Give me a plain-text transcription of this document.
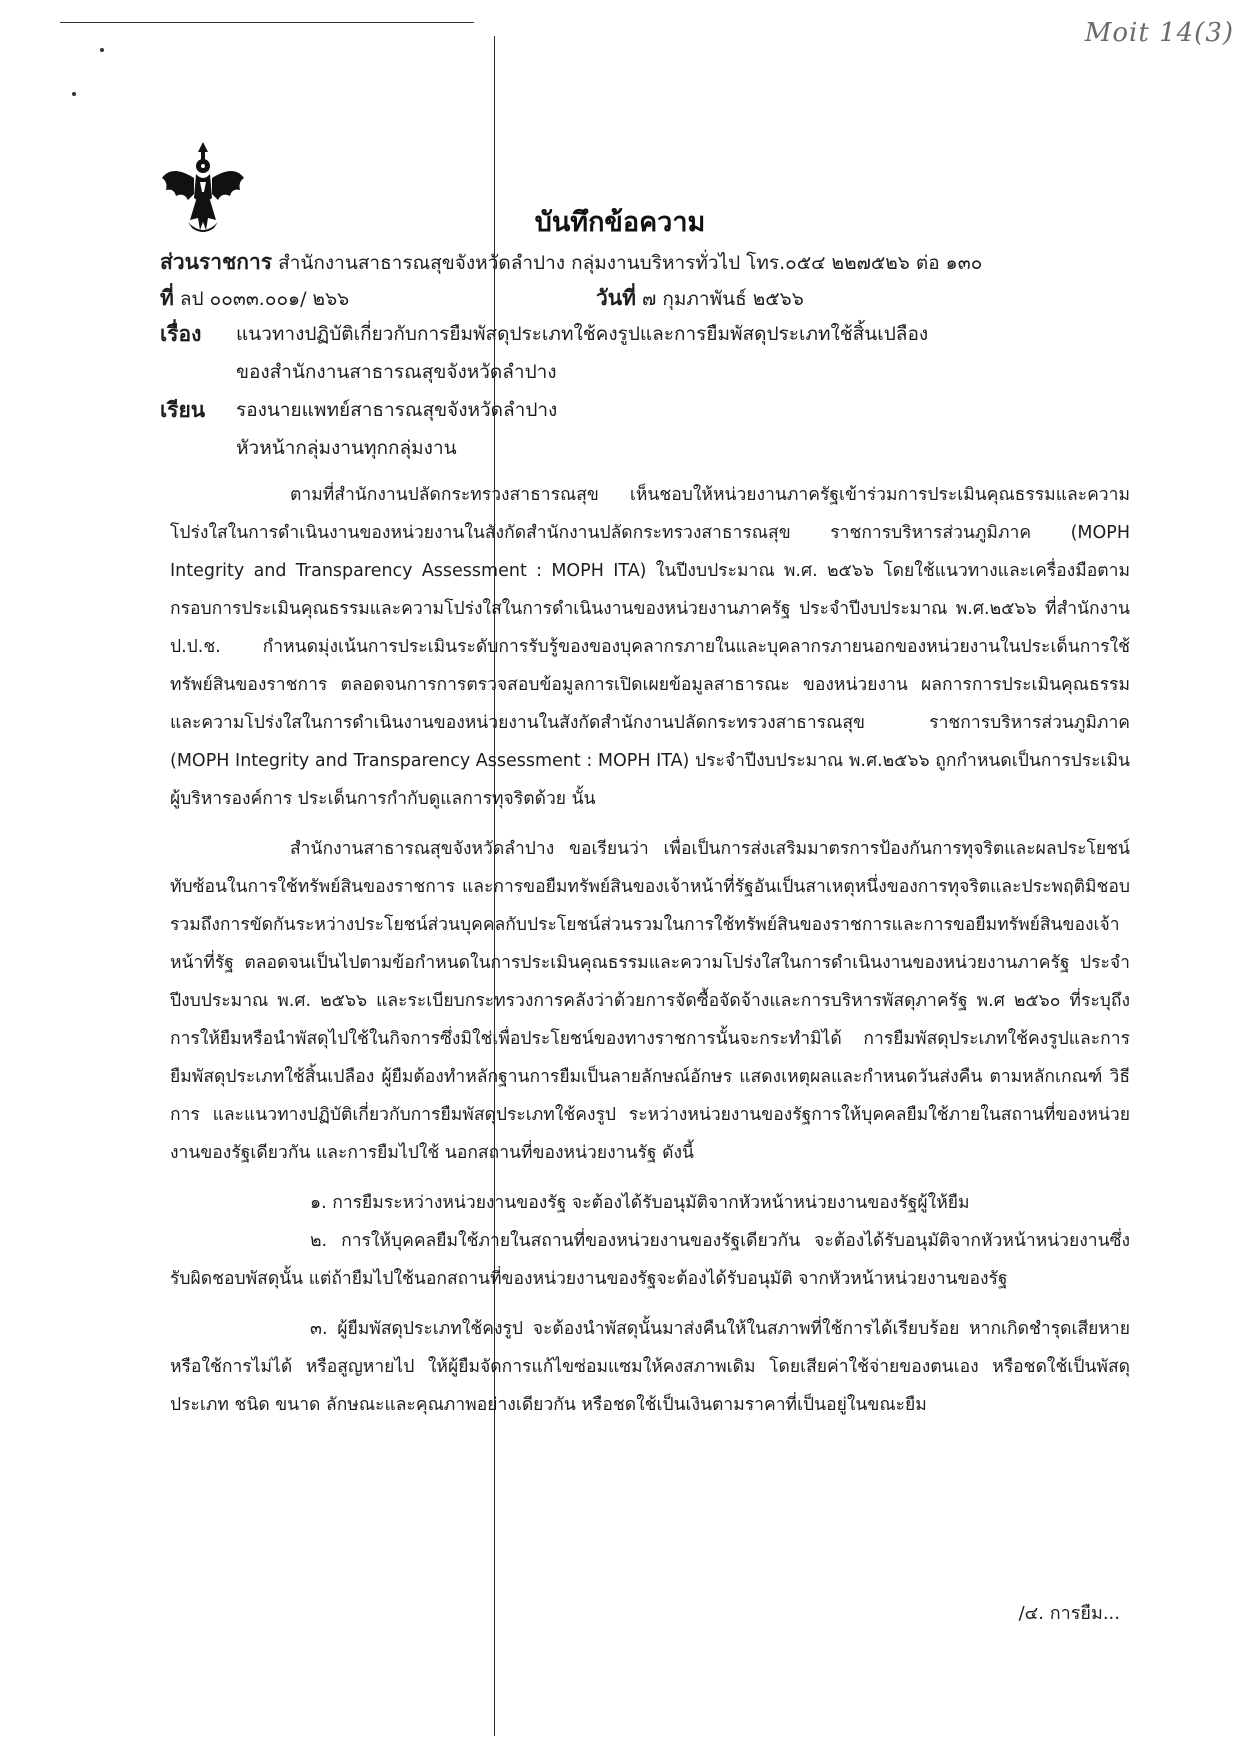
Moit 14(3)
บันทึกข้อความ
ส่วนราชการ สำนักงานสาธารณสุขจังหวัดลำปาง กลุ่มงานบริหารทั่วไป โทร.๐๕๔ ๒๒๗๕๒๖ ต่อ ๑๓๐
ที่ ลป ๐๐๓๓.๐๐๑/ ๒๖๖	วันที่ ๗ กุมภาพันธ์ ๒๕๖๖
เรื่อง แนวทางปฏิบัติเกี่ยวกับการยืมพัสดุประเภทใช้คงรูปและการยืมพัสดุประเภทใช้สิ้นเปลือง
ของสำนักงานสาธารณสุขจังหวัดลำปาง
เรียน รองนายแพทย์สาธารณสุขจังหวัดลำปาง
หัวหน้ากลุ่มงานทุกกลุ่มงาน

ตามที่สำนักงานปลัดกระทรวงสาธารณสุข เห็นชอบให้หน่วยงานภาครัฐเข้าร่วมการประเมินคุณธรรมและความโปร่งใสในการดำเนินงานของหน่วยงานในสังกัดสำนักงานปลัดกระทรวงสาธารณสุข ราชการบริหารส่วนภูมิภาค (MOPH Integrity and Transparency Assessment : MOPH ITA) ในปีงบประมาณ พ.ศ. ๒๕๖๖ โดยใช้แนวทางและเครื่องมือตามกรอบการประเมินคุณธรรมและความโปร่งใสในการดำเนินงานของหน่วยงานภาครัฐ ประจำปีงบประมาณ พ.ศ.๒๕๖๖ ที่สำนักงานป.ป.ช. กำหนดมุ่งเน้นการประเมินระดับการรับรู้ของของบุคลากรภายในและบุคลากรภายนอกของหน่วยงานในประเด็นการใช้ทรัพย์สินของราชการ ตลอดจนการการตรวจสอบข้อมูลการเปิดเผยข้อมูลสาธารณะ ของหน่วยงาน ผลการการประเมินคุณธรรมและความโปร่งใสในการดำเนินงานของหน่วยงานในสังกัดสำนักงานปลัดกระทรวงสาธารณสุข ราชการบริหารส่วนภูมิภาค (MOPH Integrity and Transparency Assessment : MOPH ITA) ประจำปีงบประมาณ พ.ศ.๒๕๖๖ ถูกกำหนดเป็นการประเมินผู้บริหารองค์การ ประเด็นการกำกับดูแลการทุจริตด้วย นั้น

สำนักงานสาธารณสุขจังหวัดลำปาง ขอเรียนว่า เพื่อเป็นการส่งเสริมมาตรการป้องกันการทุจริตและผลประโยชน์ทับซ้อนในการใช้ทรัพย์สินของราชการ และการขอยืมทรัพย์สินของเจ้าหน้าที่รัฐอันเป็นสาเหตุหนึ่งของการทุจริตและประพฤติมิชอบ รวมถึงการขัดกันระหว่างประโยชน์ส่วนบุคคลกับประโยชน์ส่วนรวมในการใช้ทรัพย์สินของราชการและการขอยืมทรัพย์สินของเจ้าหน้าที่รัฐ ตลอดจนเป็นไปตามข้อกำหนดในการประเมินคุณธรรมและความโปร่งใสในการดำเนินงานของหน่วยงานภาครัฐ ประจำปีงบประมาณ พ.ศ. ๒๕๖๖ และระเบียบกระทรวงการคลังว่าด้วยการจัดซื้อจัดจ้างและการบริหารพัสดุภาครัฐ พ.ศ ๒๕๖๐ ที่ระบุถึงการให้ยืมหรือนำพัสดุไปใช้ในกิจการซึ่งมิใช่เพื่อประโยชน์ของทางราชการนั้นจะกระทำมิได้ การยืมพัสดุประเภทใช้คงรูปและการยืมพัสดุประเภทใช้สิ้นเปลือง ผู้ยืมต้องทำหลักฐานการยืมเป็นลายลักษณ์อักษร แสดงเหตุผลและกำหนดวันส่งคืน ตามหลักเกณฑ์ วิธีการ และแนวทางปฏิบัติเกี่ยวกับการยืมพัสดุประเภทใช้คงรูป ระหว่างหน่วยงานของรัฐการให้บุคคลยืมใช้ภายในสถานที่ของหน่วยงานของรัฐเดียวกัน และการยืมไปใช้ นอกสถานที่ของหน่วยงานรัฐ ดังนี้

๑. การยืมระหว่างหน่วยงานของรัฐ จะต้องได้รับอนุมัติจากหัวหน้าหน่วยงานของรัฐผู้ให้ยืม

๒. การให้บุคคลยืมใช้ภายในสถานที่ของหน่วยงานของรัฐเดียวกัน จะต้องได้รับอนุมัติจากหัวหน้าหน่วยงานซึ่งรับผิดชอบพัสดุนั้น แต่ถ้ายืมไปใช้นอกสถานที่ของหน่วยงานของรัฐจะต้องได้รับอนุมัติ จากหัวหน้าหน่วยงานของรัฐ

๓. ผู้ยืมพัสดุประเภทใช้คงรูป จะต้องนำพัสดุนั้นมาส่งคืนให้ในสภาพที่ใช้การได้เรียบร้อย หากเกิดชำรุดเสียหาย หรือใช้การไม่ได้ หรือสูญหายไป ให้ผู้ยืมจัดการแก้ไขซ่อมแซมให้คงสภาพเดิม โดยเสียค่าใช้จ่ายของตนเอง หรือชดใช้เป็นพัสดุประเภท ชนิด ขนาด ลักษณะและคุณภาพอย่างเดียวกัน หรือชดใช้เป็นเงินตามราคาที่เป็นอยู่ในขณะยืม

/๔. การยืม...
